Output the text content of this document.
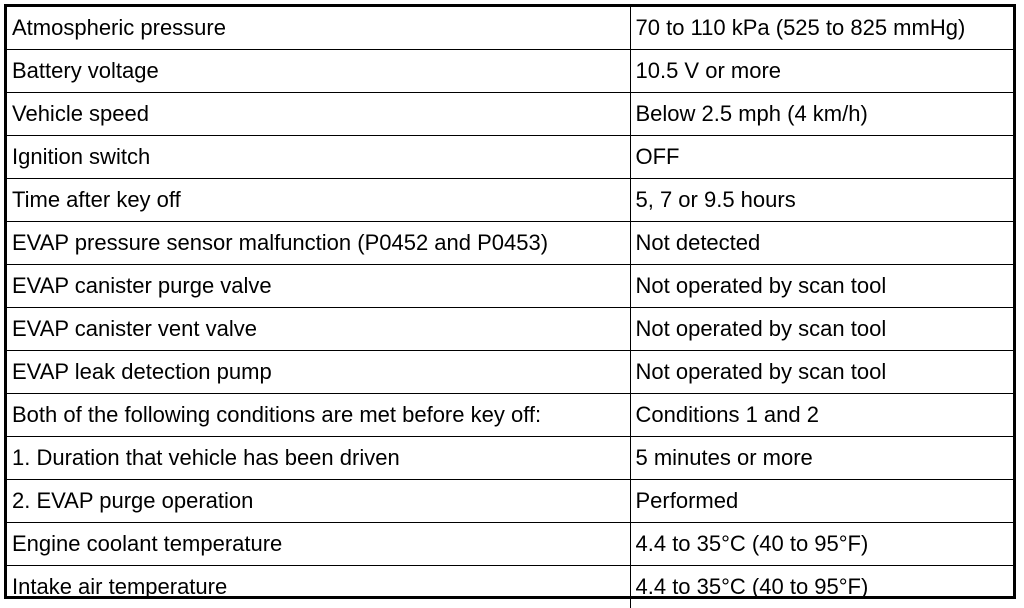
Atmospheric pressure	70 to 110 kPa (525 to 825 mmHg)
Battery voltage	10.5 V or more
Vehicle speed	Below 2.5 mph (4 km/h)
Ignition switch	OFF
Time after key off	5, 7 or 9.5 hours
EVAP pressure sensor malfunction (P0452 and P0453)	Not detected
EVAP canister purge valve	Not operated by scan tool
EVAP canister vent valve	Not operated by scan tool
EVAP leak detection pump	Not operated by scan tool
Both of the following conditions are met before key off:	Conditions 1 and 2
1. Duration that vehicle has been driven	5 minutes or more
2. EVAP purge operation	Performed
Engine coolant temperature	4.4 to 35°C (40 to 95°F)
Intake air temperature	4.4 to 35°C (40 to 95°F)
